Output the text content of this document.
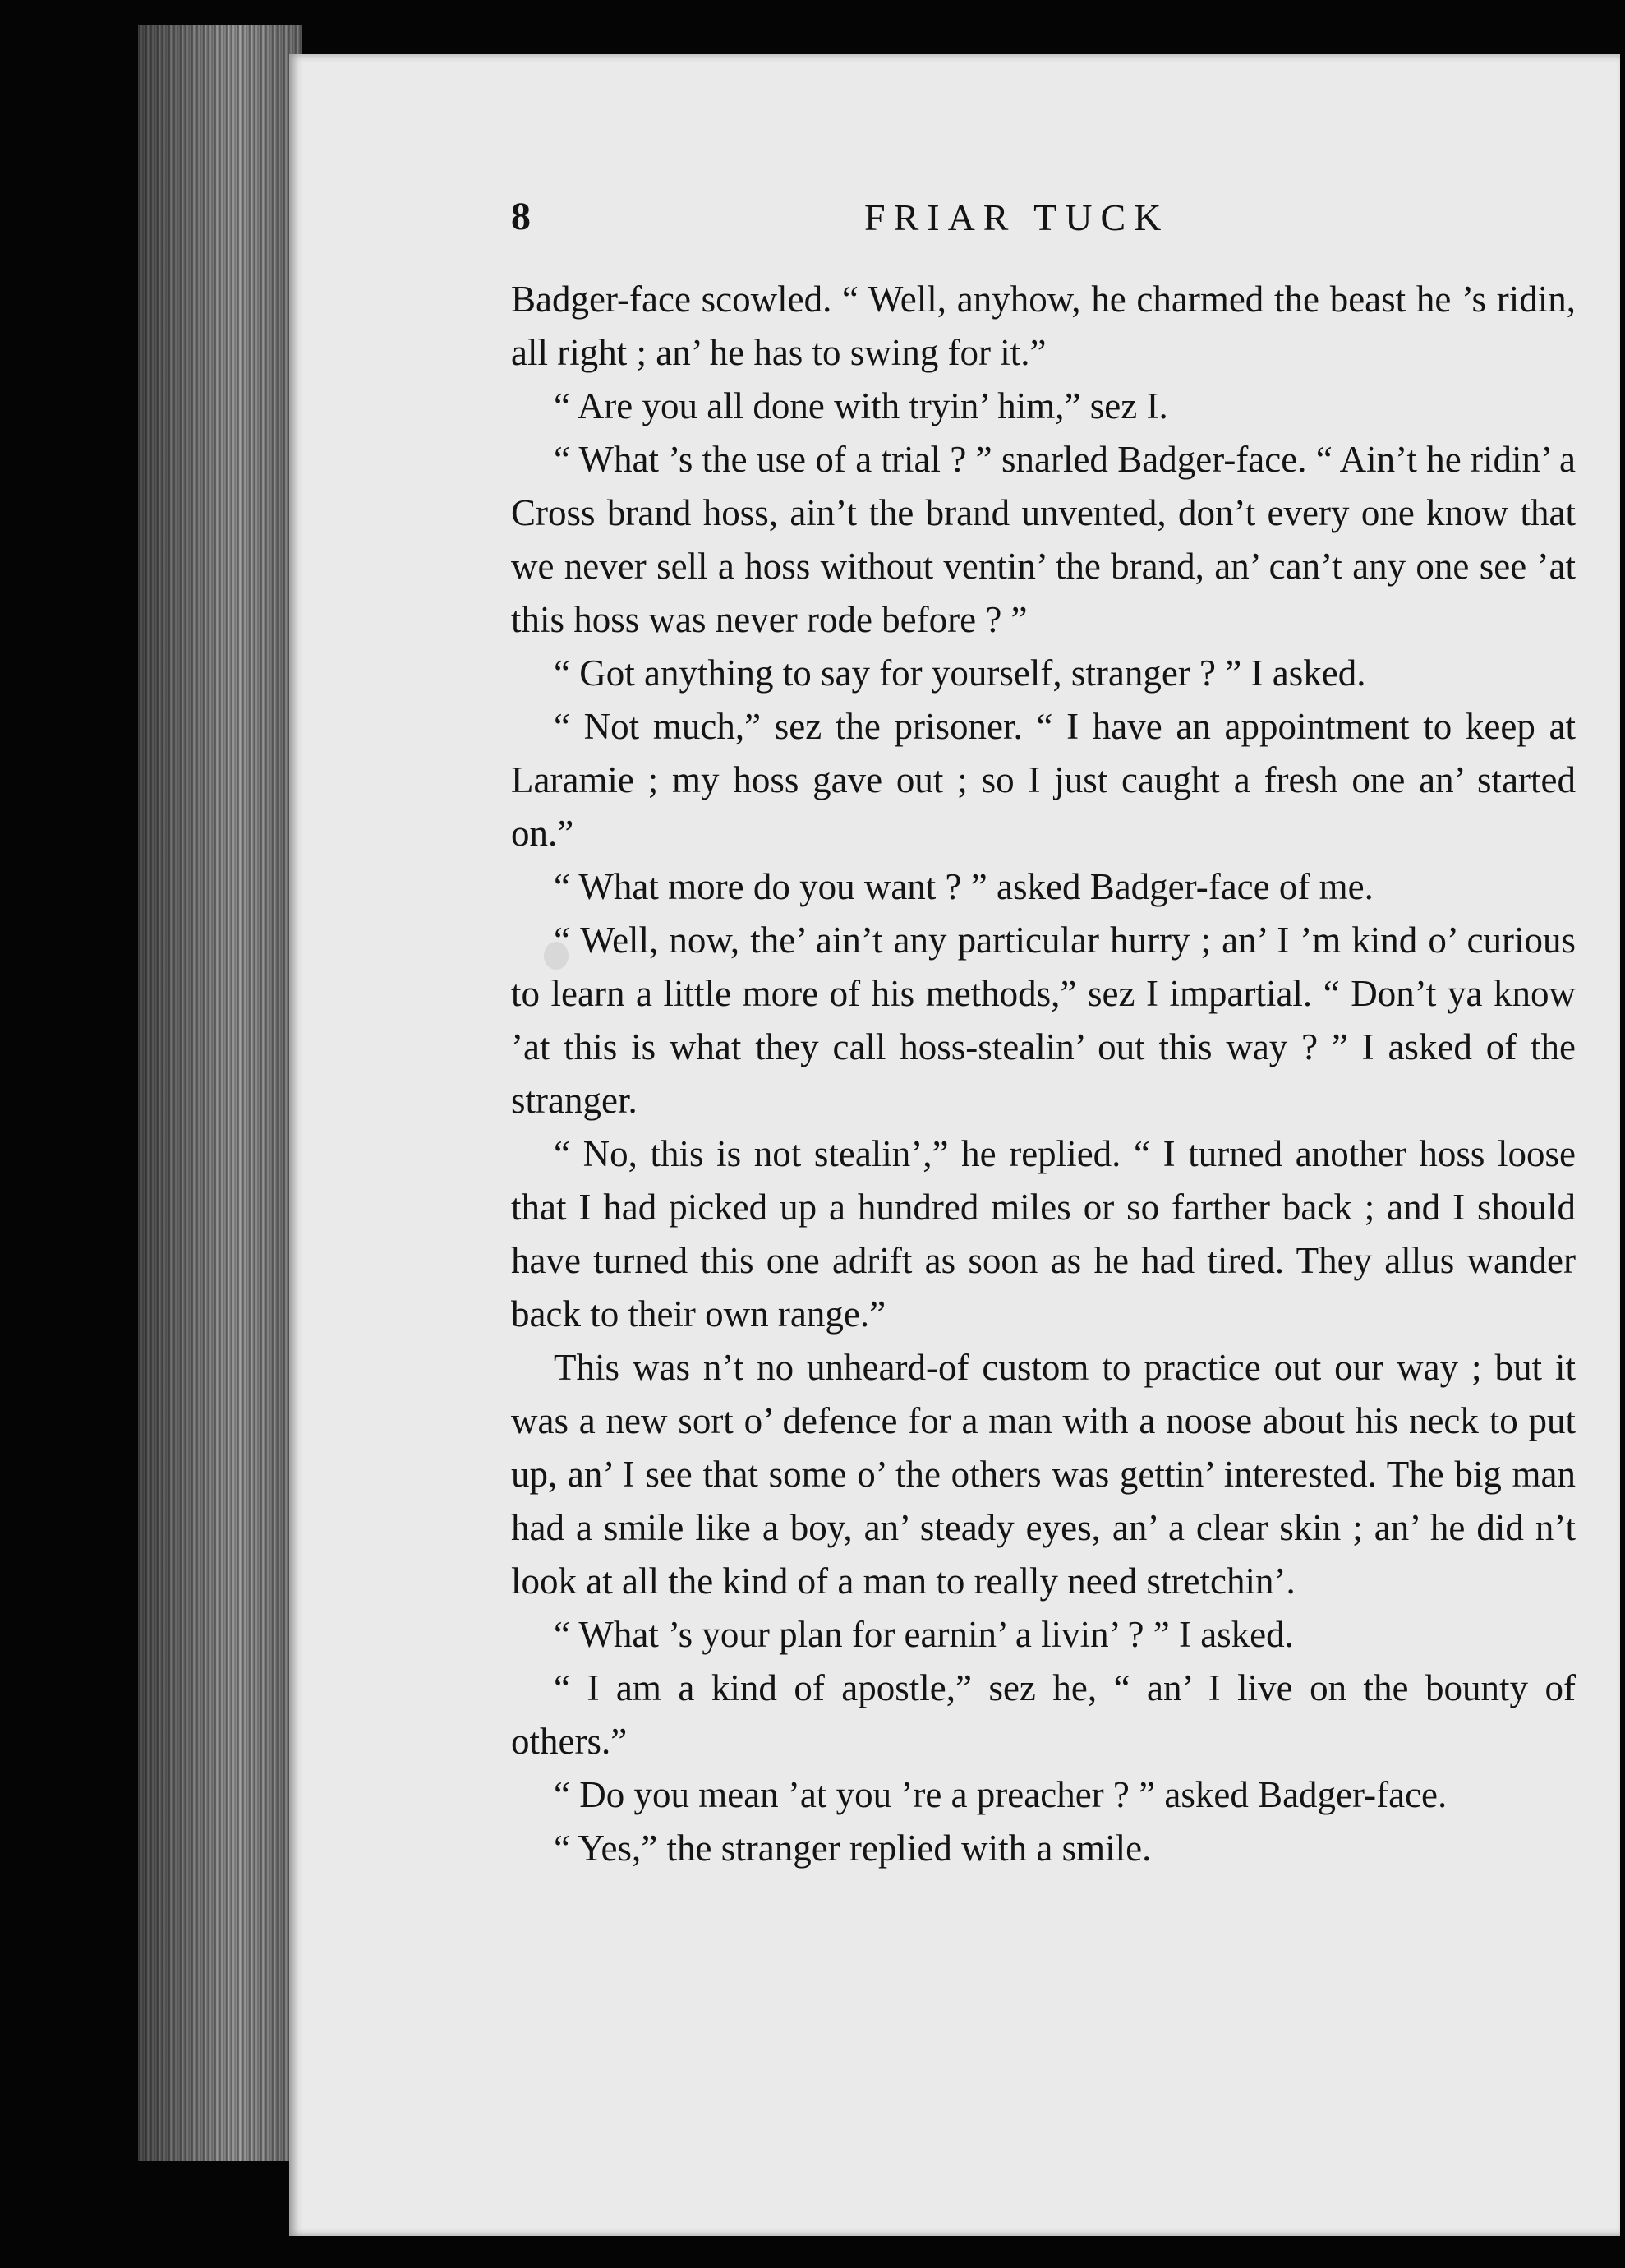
8	FRIAR TUCK

Badger-face scowled. “ Well, anyhow, he charmed the beast he ’s ridin, all right ; an’ he has to swing for it.”

“ Are you all done with tryin’ him,” sez I.

“ What ’s the use of a trial ? ” snarled Badger-face. “ Ain’t he ridin’ a Cross brand hoss, ain’t the brand unvented, don’t every one know that we never sell a hoss without ventin’ the brand, an’ can’t any one see ’at this hoss was never rode before ? ”

“ Got anything to say for yourself, stranger ? ” I asked.

“ Not much,” sez the prisoner. “ I have an appointment to keep at Laramie ; my hoss gave out ; so I just caught a fresh one an’ started on.”

“ What more do you want ? ” asked Badger-face of me.

“ Well, now, the’ ain’t any particular hurry ; an’ I ’m kind o’ curious to learn a little more of his methods,” sez I impartial. “ Don’t ya know ’at this is what they call hoss-stealin’ out this way ? ” I asked of the stranger.

“ No, this is not stealin’,” he replied. “ I turned another hoss loose that I had picked up a hundred miles or so farther back ; and I should have turned this one adrift as soon as he had tired. They allus wander back to their own range.”

This was n’t no unheard-of custom to practice out our way ; but it was a new sort o’ defence for a man with a noose about his neck to put up, an’ I see that some o’ the others was gettin’ interested. The big man had a smile like a boy, an’ steady eyes, an’ a clear skin ; an’ he did n’t look at all the kind of a man to really need stretchin’.

“ What ’s your plan for earnin’ a livin’ ? ” I asked.

“ I am a kind of apostle,” sez he, “ an’ I live on the bounty of others.”

“ Do you mean ’at you ’re a preacher ? ” asked Badger-face.

“ Yes,” the stranger replied with a smile.
